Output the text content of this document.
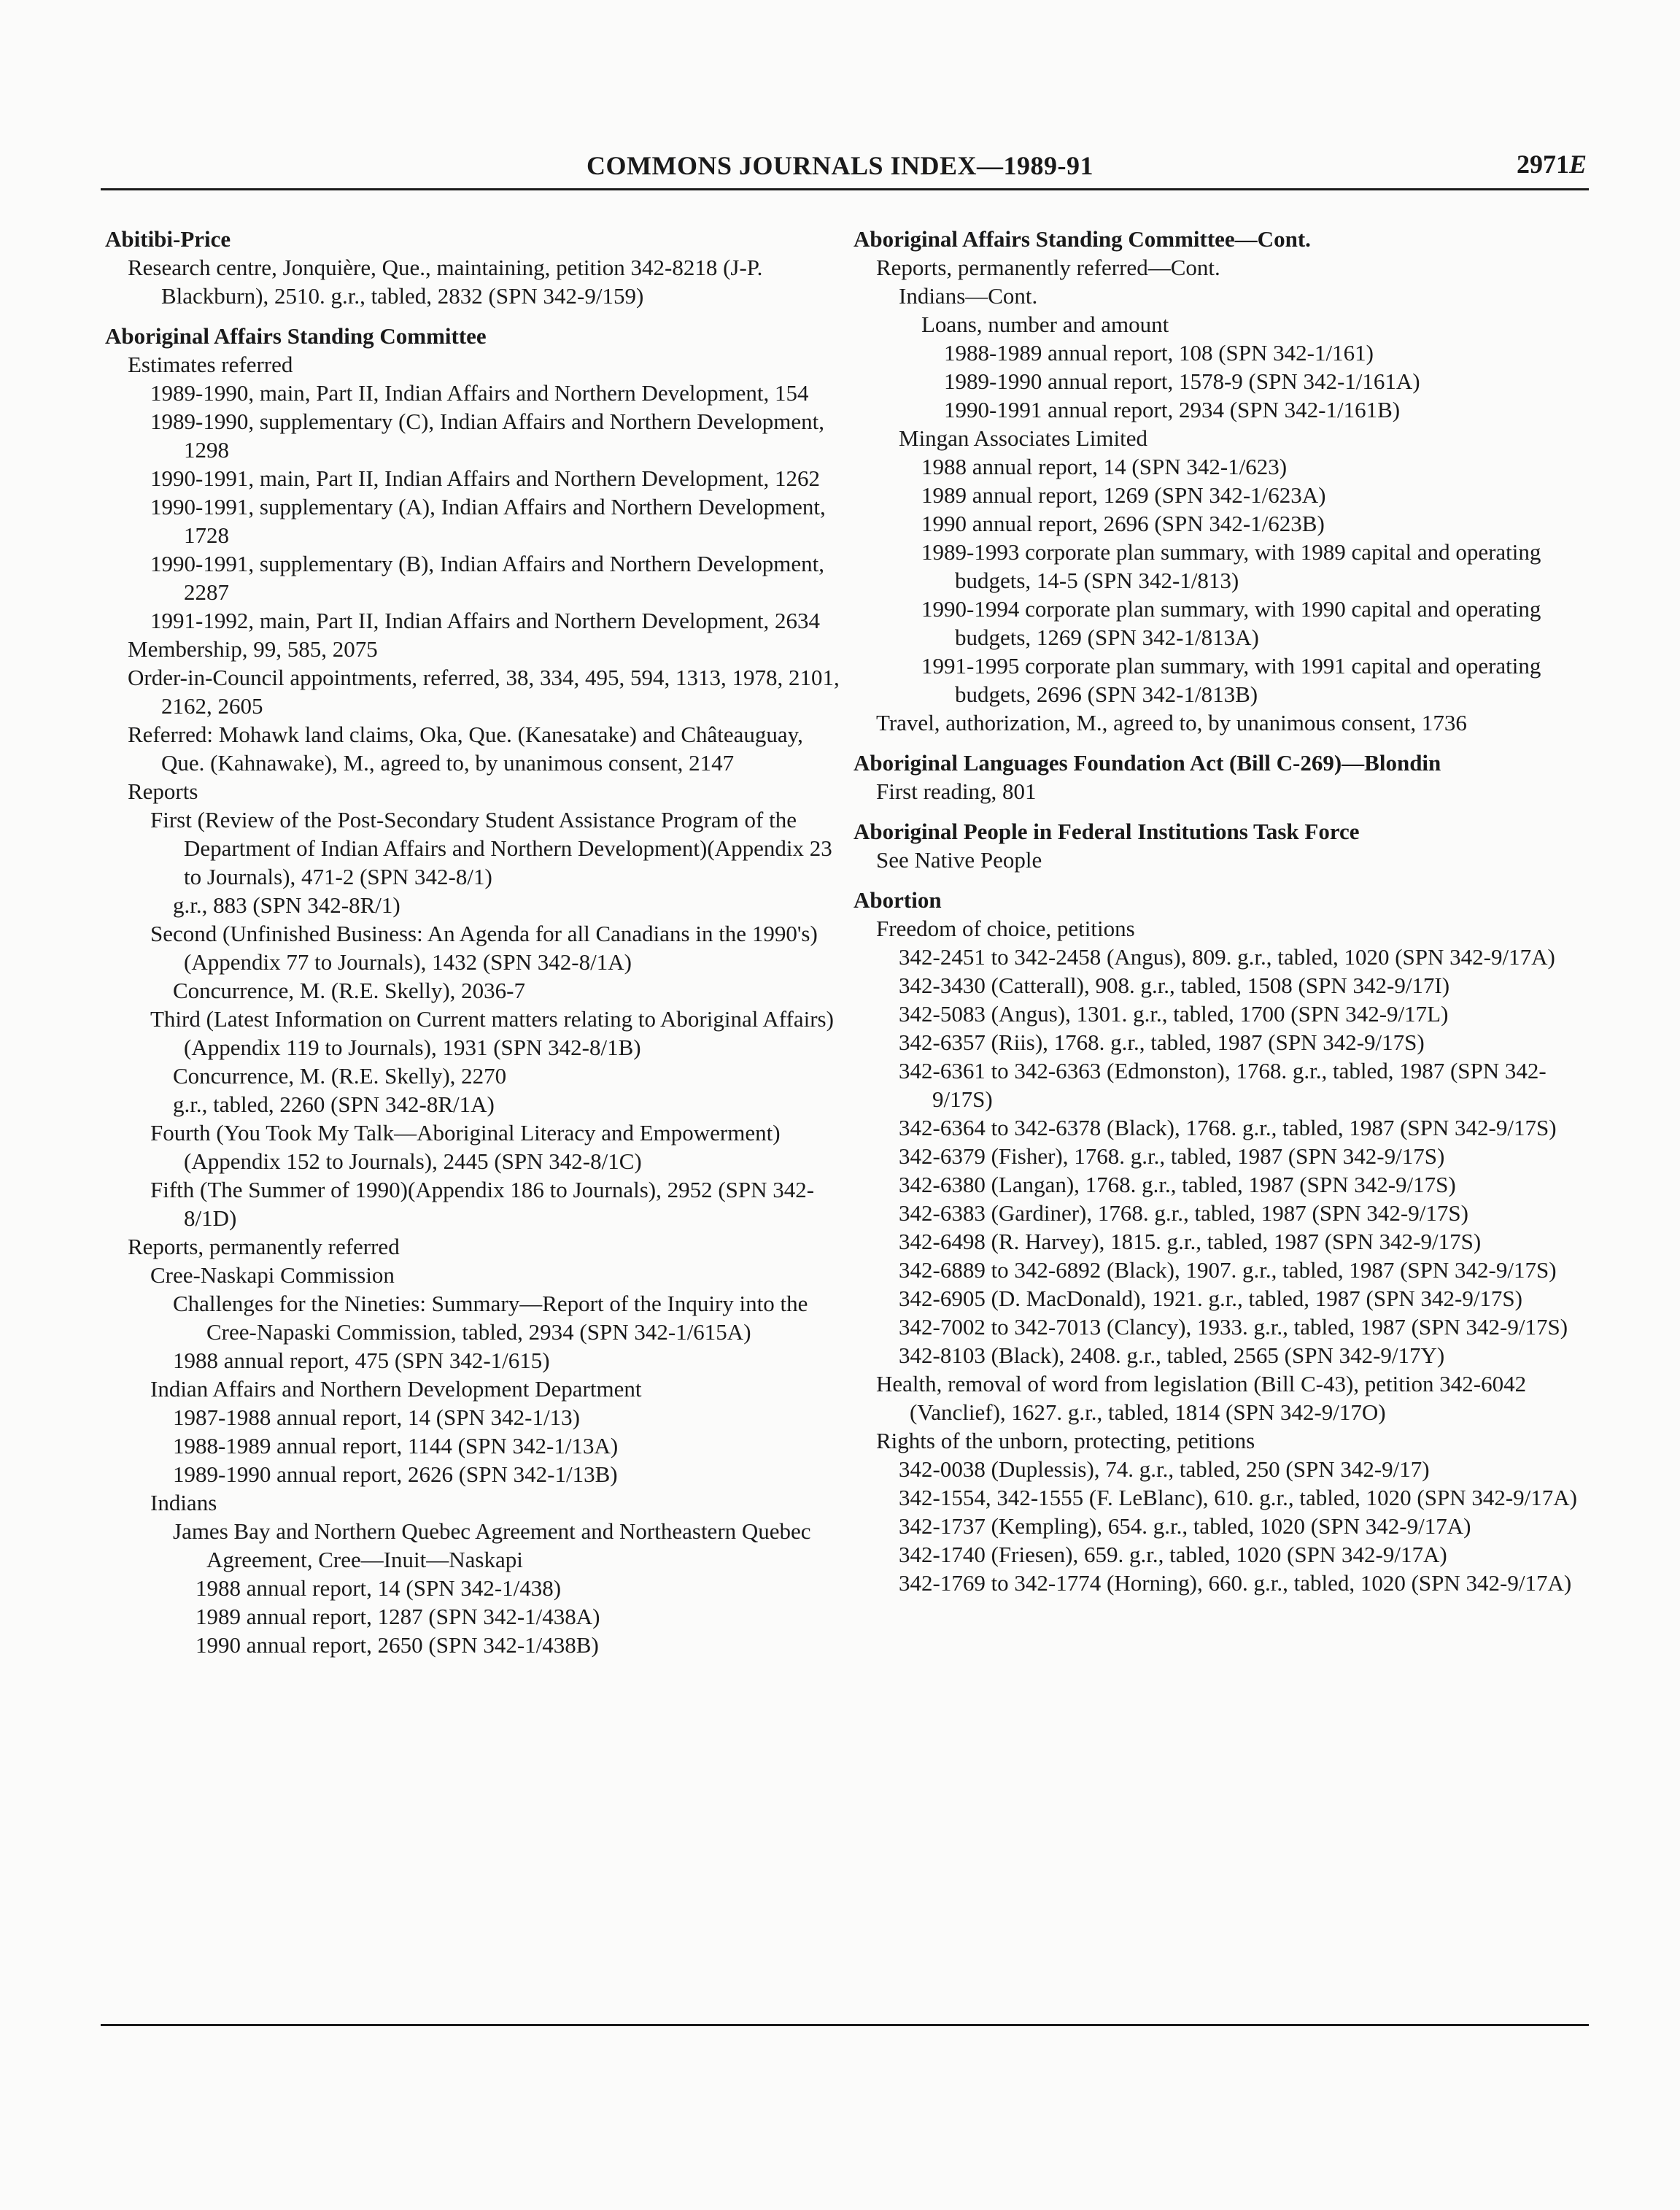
COMMONS JOURNALS INDEX—1989-91	2971E

Abitibi-Price

Research centre, Jonquière, Que., maintaining, petition 342-8218 (J-P. Blackburn), 2510. g.r., tabled, 2832 (SPN 342-9/159)

Aboriginal Affairs Standing Committee

Estimates referred

1989-1990, main, Part II, Indian Affairs and Northern Development, 154

1989-1990, supplementary (C), Indian Affairs and Northern Development, 1298

1990-1991, main, Part II, Indian Affairs and Northern Development, 1262

1990-1991, supplementary (A), Indian Affairs and Northern Development, 1728

1990-1991, supplementary (B), Indian Affairs and Northern Development, 2287

1991-1992, main, Part II, Indian Affairs and Northern Development, 2634

Membership, 99, 585, 2075

Order-in-Council appointments, referred, 38, 334, 495, 594, 1313, 1978, 2101, 2162, 2605

Referred: Mohawk land claims, Oka, Que. (Kanesatake) and Châteauguay, Que. (Kahnawake), M., agreed to, by unanimous consent, 2147

Reports

First (Review of the Post-Secondary Student Assistance Program of the Department of Indian Affairs and Northern Development)(Appendix 23 to Journals), 471-2 (SPN 342-8/1)

g.r., 883 (SPN 342-8R/1)

Second (Unfinished Business: An Agenda for all Canadians in the 1990's)(Appendix 77 to Journals), 1432 (SPN 342-8/1A)

Concurrence, M. (R.E. Skelly), 2036-7

Third (Latest Information on Current matters relating to Aboriginal Affairs)(Appendix 119 to Journals), 1931 (SPN 342-8/1B)

Concurrence, M. (R.E. Skelly), 2270

g.r., tabled, 2260 (SPN 342-8R/1A)

Fourth (You Took My Talk—Aboriginal Literacy and Empowerment)(Appendix 152 to Journals), 2445 (SPN 342-8/1C)

Fifth (The Summer of 1990)(Appendix 186 to Journals), 2952 (SPN 342-8/1D)

Reports, permanently referred

Cree-Naskapi Commission

Challenges for the Nineties: Summary—Report of the Inquiry into the Cree-Napaski Commission, tabled, 2934 (SPN 342-1/615A)

1988 annual report, 475 (SPN 342-1/615)

Indian Affairs and Northern Development Department

1987-1988 annual report, 14 (SPN 342-1/13)

1988-1989 annual report, 1144 (SPN 342-1/13A)

1989-1990 annual report, 2626 (SPN 342-1/13B)

Indians

James Bay and Northern Quebec Agreement and Northeastern Quebec Agreement, Cree—Inuit—Naskapi

1988 annual report, 14 (SPN 342-1/438)

1989 annual report, 1287 (SPN 342-1/438A)

1990 annual report, 2650 (SPN 342-1/438B)

Aboriginal Affairs Standing Committee—Cont.

Reports, permanently referred—Cont.

Indians—Cont.

Loans, number and amount

1988-1989 annual report, 108 (SPN 342-1/161)

1989-1990 annual report, 1578-9 (SPN 342-1/161A)

1990-1991 annual report, 2934 (SPN 342-1/161B)

Mingan Associates Limited

1988 annual report, 14 (SPN 342-1/623)

1989 annual report, 1269 (SPN 342-1/623A)

1990 annual report, 2696 (SPN 342-1/623B)

1989-1993 corporate plan summary, with 1989 capital and operating budgets, 14-5 (SPN 342-1/813)

1990-1994 corporate plan summary, with 1990 capital and operating budgets, 1269 (SPN 342-1/813A)

1991-1995 corporate plan summary, with 1991 capital and operating budgets, 2696 (SPN 342-1/813B)

Travel, authorization, M., agreed to, by unanimous consent, 1736

Aboriginal Languages Foundation Act (Bill C-269)—Blondin

First reading, 801

Aboriginal People in Federal Institutions Task Force

See Native People

Abortion

Freedom of choice, petitions

342-2451 to 342-2458 (Angus), 809. g.r., tabled, 1020 (SPN 342-9/17A)

342-3430 (Catterall), 908. g.r., tabled, 1508 (SPN 342-9/17I)

342-5083 (Angus), 1301. g.r., tabled, 1700 (SPN 342-9/17L)

342-6357 (Riis), 1768. g.r., tabled, 1987 (SPN 342-9/17S)

342-6361 to 342-6363 (Edmonston), 1768. g.r., tabled, 1987 (SPN 342-9/17S)

342-6364 to 342-6378 (Black), 1768. g.r., tabled, 1987 (SPN 342-9/17S)

342-6379 (Fisher), 1768. g.r., tabled, 1987 (SPN 342-9/17S)

342-6380 (Langan), 1768. g.r., tabled, 1987 (SPN 342-9/17S)

342-6383 (Gardiner), 1768. g.r., tabled, 1987 (SPN 342-9/17S)

342-6498 (R. Harvey), 1815. g.r., tabled, 1987 (SPN 342-9/17S)

342-6889 to 342-6892 (Black), 1907. g.r., tabled, 1987 (SPN 342-9/17S)

342-6905 (D. MacDonald), 1921. g.r., tabled, 1987 (SPN 342-9/17S)

342-7002 to 342-7013 (Clancy), 1933. g.r., tabled, 1987 (SPN 342-9/17S)

342-8103 (Black), 2408. g.r., tabled, 2565 (SPN 342-9/17Y)

Health, removal of word from legislation (Bill C-43), petition 342-6042 (Vanclief), 1627. g.r., tabled, 1814 (SPN 342-9/17O)

Rights of the unborn, protecting, petitions

342-0038 (Duplessis), 74. g.r., tabled, 250 (SPN 342-9/17)

342-1554, 342-1555 (F. LeBlanc), 610. g.r., tabled, 1020 (SPN 342-9/17A)

342-1737 (Kempling), 654. g.r., tabled, 1020 (SPN 342-9/17A)

342-1740 (Friesen), 659. g.r., tabled, 1020 (SPN 342-9/17A)

342-1769 to 342-1774 (Horning), 660. g.r., tabled, 1020 (SPN 342-9/17A)
